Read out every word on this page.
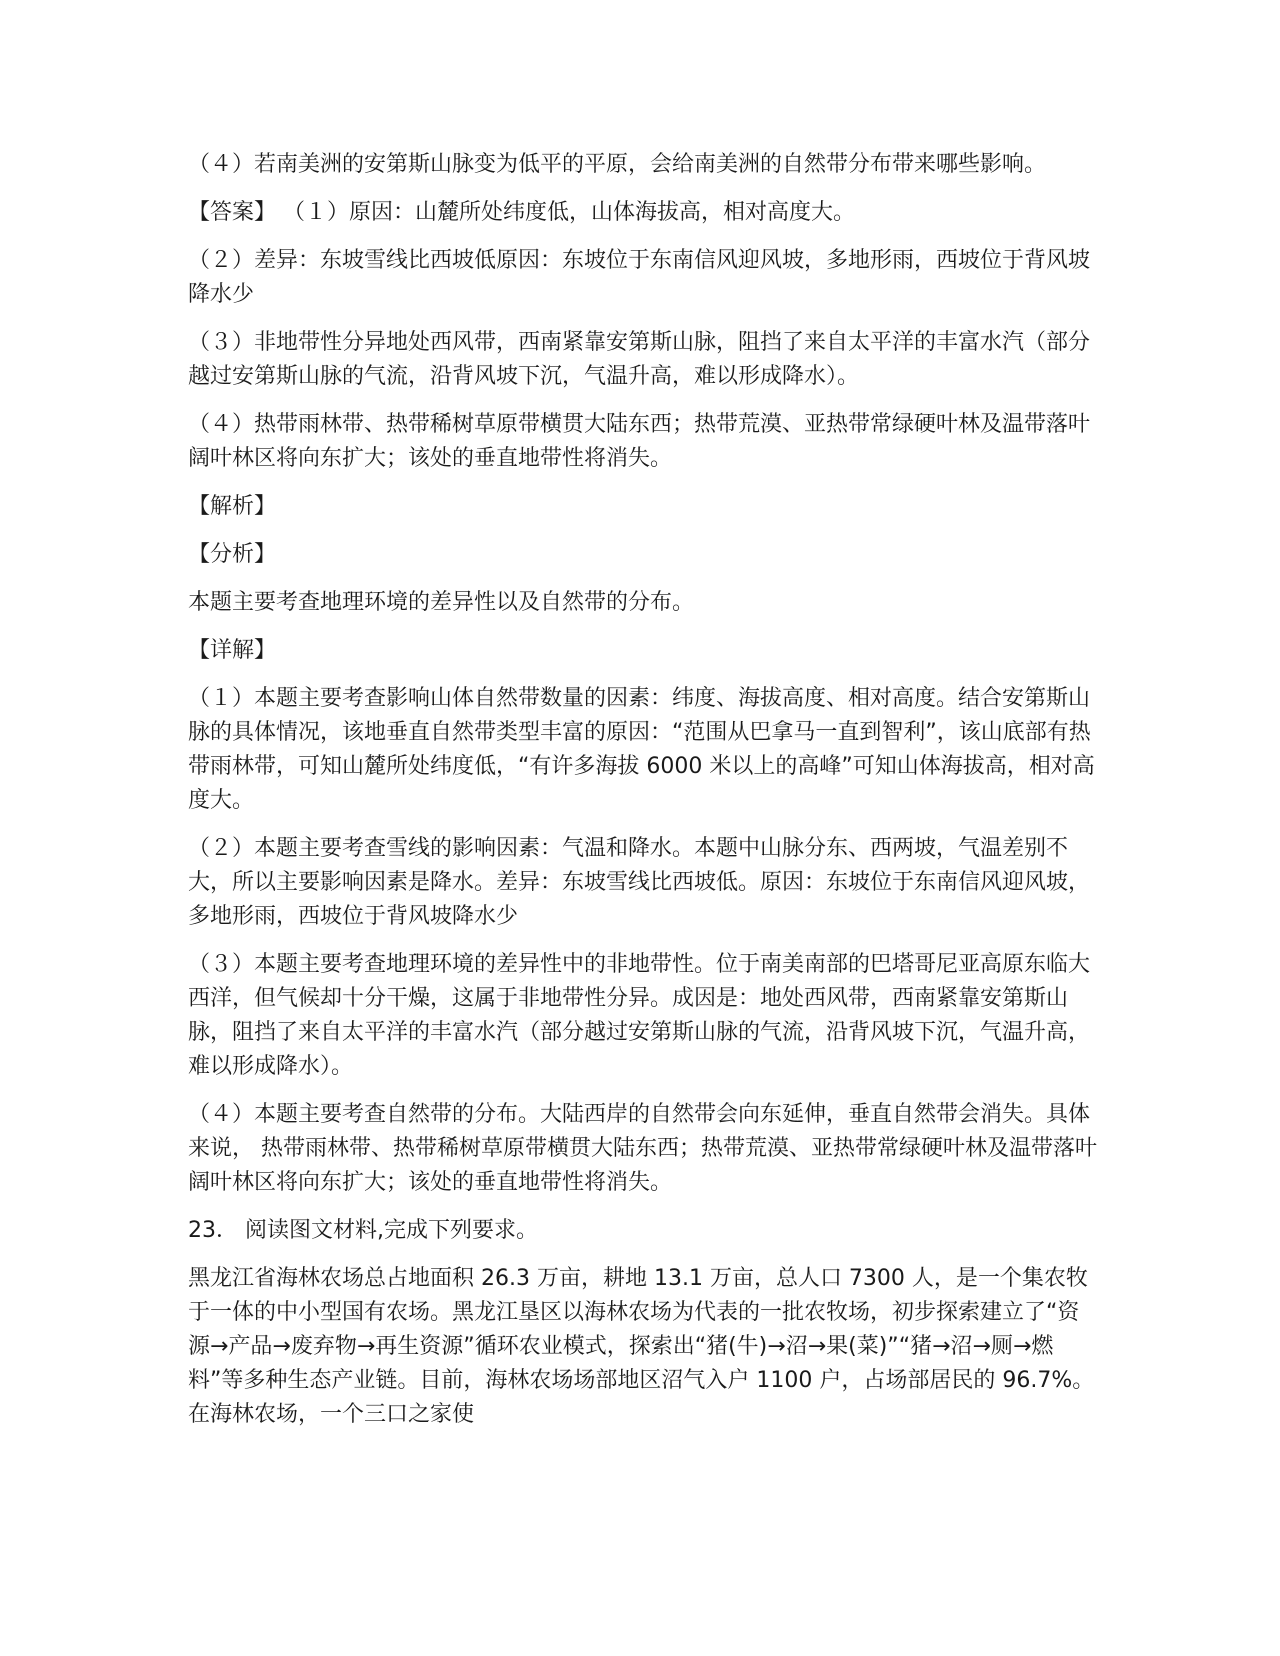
（４）若南美洲的安第斯山脉变为低平的平原，会给南美洲的自然带分布带来哪些影响。

【答案】 （１）原因：山麓所处纬度低，山体海拔高，相对高度大。

（２）差异：东坡雪线比西坡低原因：东坡位于东南信风迎风坡，多地形雨，西坡位于背风坡降水少

（３）非地带性分异地处西风带，西南紧靠安第斯山脉，阻挡了来自太平洋的丰富水汽（部分越过安第斯山脉的气流，沿背风坡下沉，气温升高，难以形成降水）。

（４）热带雨林带、热带稀树草原带横贯大陆东西；热带荒漠、亚热带常绿硬叶林及温带落叶阔叶林区将向东扩大；该处的垂直地带性将消失。

【解析】

【分析】

本题主要考查地理环境的差异性以及自然带的分布。

【详解】

（１）本题主要考查影响山体自然带数量的因素：纬度、海拔高度、相对高度。结合安第斯山脉的具体情况，该地垂直自然带类型丰富的原因：“范围从巴拿马一直到智利”，该山底部有热带雨林带，可知山麓所处纬度低，“有许多海拔 6000 米以上的高峰”可知山体海拔高，相对高度大。

（２）本题主要考查雪线的影响因素：气温和降水。本题中山脉分东、西两坡，气温差别不大，所以主要影响因素是降水。差异：东坡雪线比西坡低。原因：东坡位于东南信风迎风坡，多地形雨，西坡位于背风坡降水少

（３）本题主要考查地理环境的差异性中的非地带性。位于南美南部的巴塔哥尼亚高原东临大西洋，但气候却十分干燥，这属于非地带性分异。成因是：地处西风带，西南紧靠安第斯山脉，阻挡了来自太平洋的丰富水汽（部分越过安第斯山脉的气流，沿背风坡下沉，气温升高，难以形成降水）。

（４）本题主要考查自然带的分布。大陆西岸的自然带会向东延伸，垂直自然带会消失。具体来说， 热带雨林带、热带稀树草原带横贯大陆东西；热带荒漠、亚热带常绿硬叶林及温带落叶阔叶林区将向东扩大；该处的垂直地带性将消失。

23． 阅读图文材料,完成下列要求。

黑龙江省海林农场总占地面积 26.3 万亩，耕地 13.1 万亩，总人口 7300 人，是一个集农牧于一体的中小型国有农场。黑龙江垦区以海林农场为代表的一批农牧场，初步探索建立了“资源→产品→废弃物→再生资源”循环农业模式，探索出“猪(牛)→沼→果(菜)”“猪→沼→厕→燃料”等多种生态产业链。目前，海林农场场部地区沼气入户 1100 户，占场部居民的 96.7%。在海林农场，一个三口之家使
